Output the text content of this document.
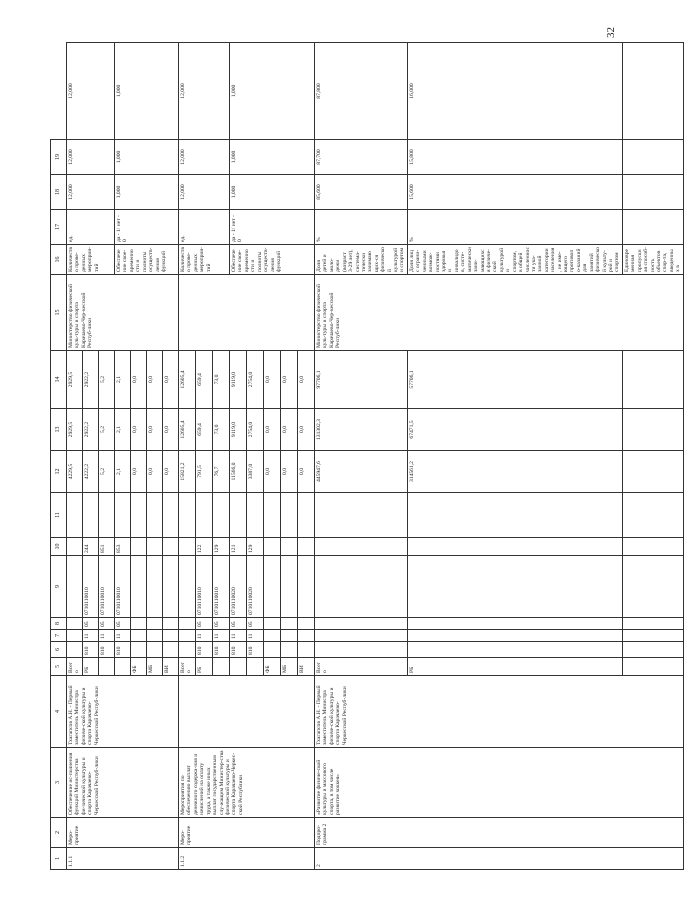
32
1	2	3	4	5	6	7	8	9	10	11	12	13	14	15	16	17	18	19	
1.1.1	Меро-приятие	Обеспечение ис-полнения функций Министерства фи-зической культуры и спорта Карачаево-Черкесской Респуб-лики	Тхагапсов А.Н. - Первый заместитель Министра физиче-ской культуры и спорта Карачаево-Черкесской Респуб-лики	Всего							4229,5	2929,5	2929,5	Министерство физической куль-туры и спорта Карачаево-Чер-кесской Респуб-лики	Количество прове-денных мероприя-тий	ед.	12,000	12,000	12,000
				РБ	810	11	05	0710110010	244		4222,2	2922,2	2922,2						
					810	11	05	0710110010	851		5,2	5,2	5,2						
					810	11	05	0710110010	853		2,1	2,1	2,1		Обеспечение свое-временности и полноты осуществ-ления функций	да - 1/ нет - 0	1,000	1,000	1,000
				ФБ							0,0	0,0	0,0						
				МБ							0,0	0,0	0,0						
				ВИ							0,0	0,0	0,0						
1.1.2	Меро-приятие	Мероприятия по обеспечению выплат денежного содержа-ния и начислений на оплату труда, а также иных выплат государственным слу-жащим Министер-ства физической культуры и спорта Карачаево-Черкес-ской Республики		Всего							15821,2	12605,4	12605,4		Количество прове-денных мероприя-тий	ед.	12,000	12,000	12,000
				РБ	810	11	05	0710110010	122		791,5	659,4	659,4						
					810	11	05	0710110010	129		76,7	73,0	73,0						
					810	11	05	0710110020	121		11566,0	9119,0	9119,0		Обеспечение свое-временности и полноты осуществ-ления функций	да - 1/ нет - 0	1,000	1,000	1,000
					810	11	05	0710110020	129		3387,0	2754,0	2754,0						
				ФБ							0,0	0,0	0,0						
				МБ							0,0	0,0	0,0						
				ВИ							0,0	0,0	0,0						
2	Подпро-грамма 2	«Развитие физиче-ской культуры и массового спорта, в том числе развитие хоккея»	Тхагапсов А.Н. - Первый заместитель Министра физиче-ской культуры и спорта Карачаево-Черкесской Респуб-лики	Всего							445947,6	131302,3	97706,1	Министерство физической куль-туры и спорта Карачаево-Чер-кесской Респуб-лики	Доля детей и моло-дежи (возраст 3-29 лет), система-тически занимающих-ся физической культурой и спортом	%	85,600	87,700	87,800
				РБ							314561,2	67471,5	57706,1		Доля лиц с ограни-ченными возмож-ностями здоровья и инвалидов, систе-матически зани-мающихся физиче-ской культурой и спортом, в общей численности ука-занной категории населения, не име-ющего противопо-казаний для занятий физической культу-рой и спортом	%	15,600	15,800	16,000
															Единовременная пропускная способ-ность объектов спор-та, введенных в				
